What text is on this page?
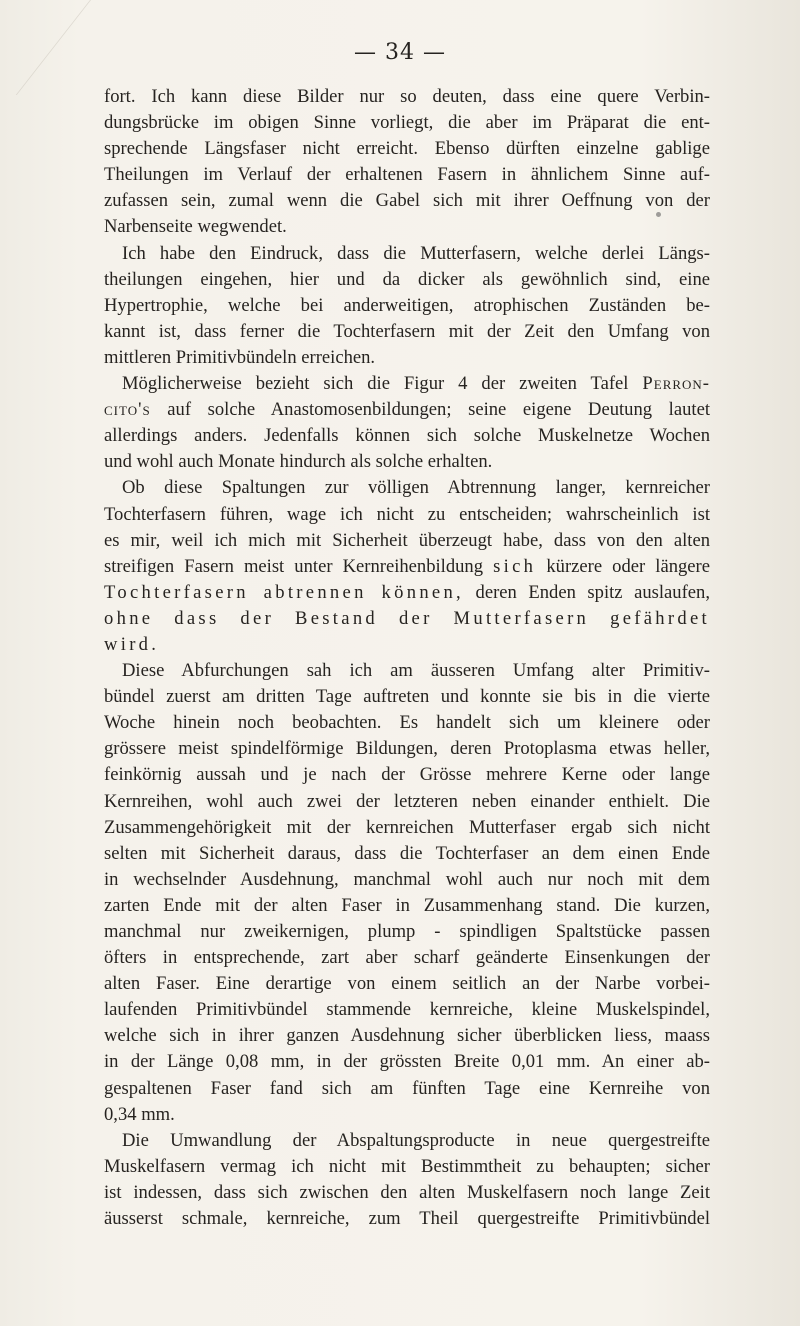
— 34 —
fort. Ich kann diese Bilder nur so deuten, dass eine quere Verbin-
dungsbrücke im obigen Sinne vorliegt, die aber im Präparat die ent-
sprechende Längsfaser nicht erreicht. Ebenso dürften einzelne gablige
Theilungen im Verlauf der erhaltenen Fasern in ähnlichem Sinne auf-
zufassen sein, zumal wenn die Gabel sich mit ihrer Oeffnung von der
Narbenseite wegwendet.
Ich habe den Eindruck, dass die Mutterfasern, welche derlei Längs-
theilungen eingehen, hier und da dicker als gewöhnlich sind, eine
Hypertrophie, welche bei anderweitigen, atrophischen Zuständen be-
kannt ist, dass ferner die Tochterfasern mit der Zeit den Umfang von
mittleren Primitivbündeln erreichen.
Möglicherweise bezieht sich die Figur 4 der zweiten Tafel Perron-
cito's auf solche Anastomosenbildungen; seine eigene Deutung lautet
allerdings anders. Jedenfalls können sich solche Muskelnetze Wochen
und wohl auch Monate hindurch als solche erhalten.
Ob diese Spaltungen zur völligen Abtrennung langer, kernreicher
Tochterfasern führen, wage ich nicht zu entscheiden; wahrscheinlich ist
es mir, weil ich mich mit Sicherheit überzeugt habe, dass von den alten
streifigen Fasern meist unter Kernreihenbildung sich kürzere oder längere
Tochterfasern abtrennen können, deren Enden spitz auslaufen,
ohne dass der Bestand der Mutterfasern gefährdet
wird.
Diese Abfurchungen sah ich am äusseren Umfang alter Primitiv-
bündel zuerst am dritten Tage auftreten und konnte sie bis in die vierte
Woche hinein noch beobachten. Es handelt sich um kleinere oder
grössere meist spindelförmige Bildungen, deren Protoplasma etwas heller,
feinkörnig aussah und je nach der Grösse mehrere Kerne oder lange
Kernreihen, wohl auch zwei der letzteren neben einander enthielt. Die
Zusammengehörigkeit mit der kernreichen Mutterfaser ergab sich nicht
selten mit Sicherheit daraus, dass die Tochterfaser an dem einen Ende
in wechselnder Ausdehnung, manchmal wohl auch nur noch mit dem
zarten Ende mit der alten Faser in Zusammenhang stand. Die kurzen,
manchmal nur zweikernigen, plump - spindligen Spaltstücke passen
öfters in entsprechende, zart aber scharf geänderte Einsenkungen der
alten Faser. Eine derartige von einem seitlich an der Narbe vorbei-
laufenden Primitivbündel stammende kernreiche, kleine Muskelspindel,
welche sich in ihrer ganzen Ausdehnung sicher überblicken liess, maass
in der Länge 0,08 mm, in der grössten Breite 0,01 mm. An einer ab-
gespaltenen Faser fand sich am fünften Tage eine Kernreihe von
0,34 mm.
Die Umwandlung der Abspaltungsproducte in neue quergestreifte
Muskelfasern vermag ich nicht mit Bestimmtheit zu behaupten; sicher
ist indessen, dass sich zwischen den alten Muskelfasern noch lange Zeit
äusserst schmale, kernreiche, zum Theil quergestreifte Primitivbündel
